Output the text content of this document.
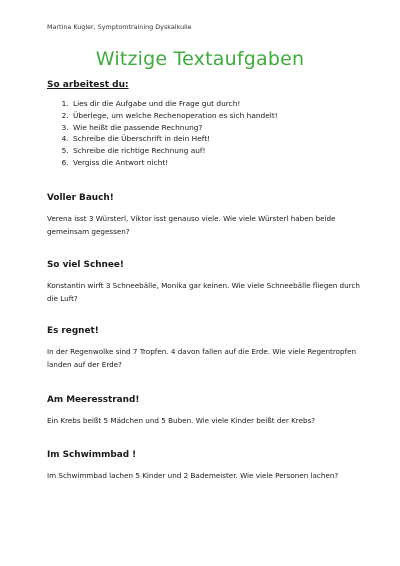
Martina Kugler, Symptomtraining Dyskalkulie
Witzige Textaufgaben
So arbeitest du:
1. Lies dir die Aufgabe und die Frage gut durch!
2. Überlege, um welche Rechenoperation es sich handelt!
3. Wie heißt die passende Rechnung?
4. Schreibe die Überschrift in dein Heft!
5. Schreibe die richtige Rechnung auf!
6. Vergiss die Antwort nicht!
Voller Bauch!

Verena isst 3 Würsterl, Viktor isst genauso viele. Wie viele Würsterl haben beide gemeinsam gegessen?

So viel Schnee!

Konstantin wirft 3 Schneebälle, Monika gar keinen. Wie viele Schneebälle fliegen durch die Luft?

Es regnet!

In der Regenwolke sind 7 Tropfen. 4 davon fallen auf die Erde. Wie viele Regentropfen landen auf der Erde?

Am Meeresstrand!

Ein Krebs beißt 5 Mädchen und 5 Buben. Wie viele Kinder beißt der Krebs?

Im Schwimmbad !

Im Schwimmbad lachen 5 Kinder und 2 Bademeister. Wie viele Personen lachen?
